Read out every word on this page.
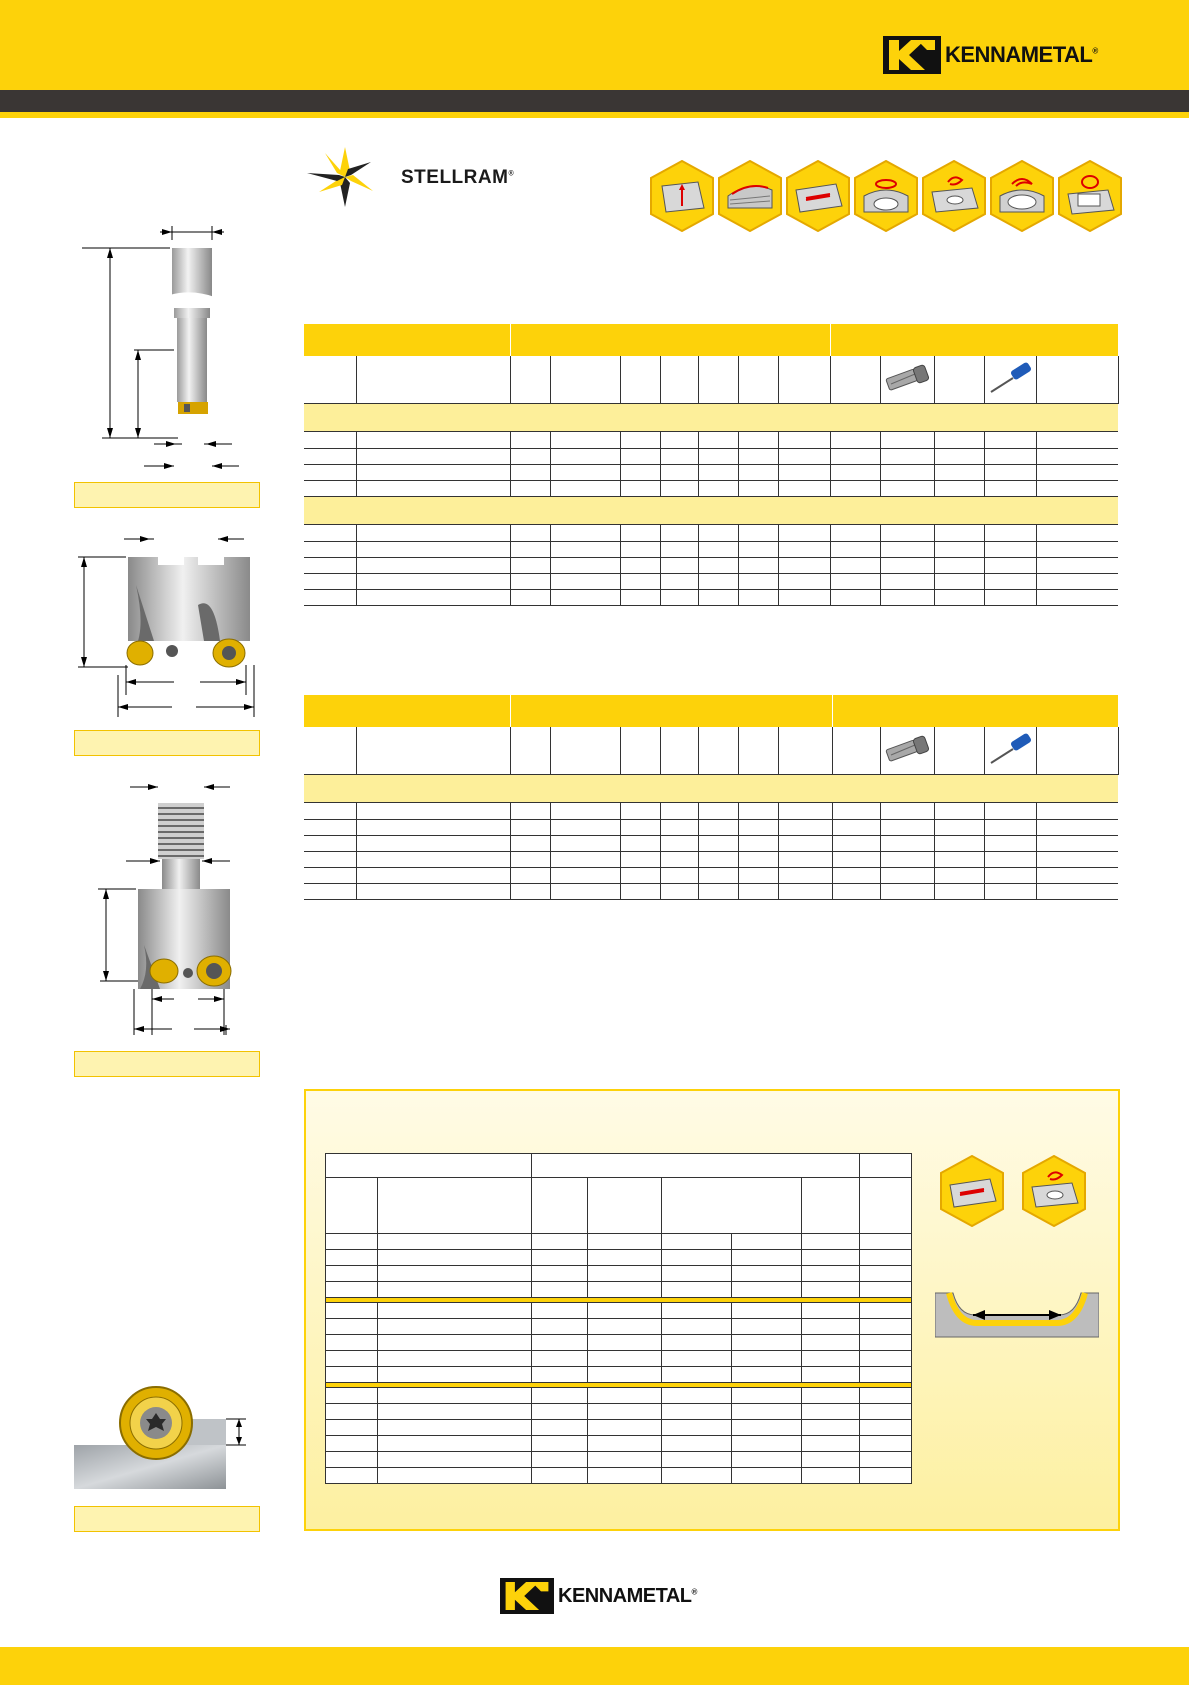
KENNAMETAL®
STELLRAM®

KENNAMETAL®
